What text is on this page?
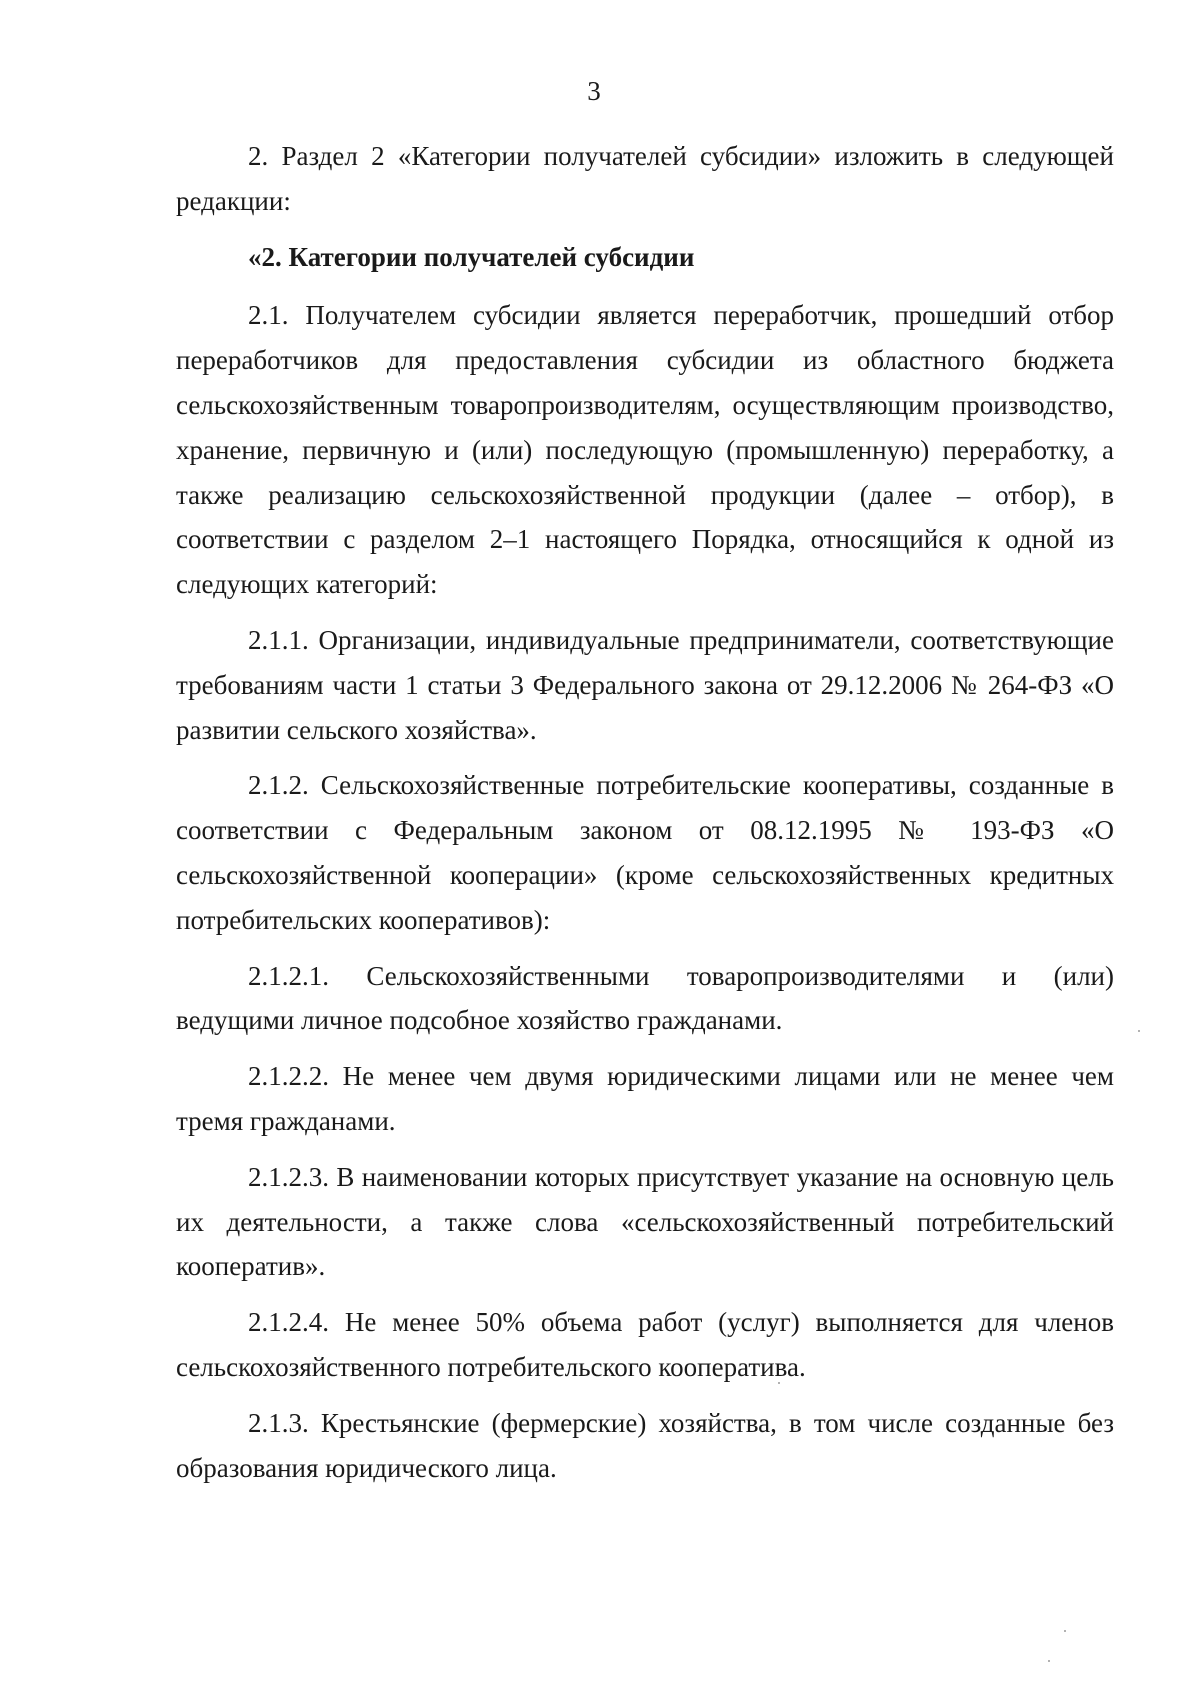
3

2. Раздел 2 «Категории получателей субсидии» изложить в следующей редакции:

«2. Категории получателей субсидии

2.1. Получателем субсидии является переработчик, прошедший отбор переработчиков для предоставления субсидии из областного бюджета сельскохозяйственным товаропроизводителям, осуществляющим производство, хранение, первичную и (или) последующую (промышленную) переработку, а также реализацию сельскохозяйственной продукции (далее – отбор), в соответствии с разделом 2–1 настоящего Порядка, относящийся к одной из следующих категорий:

2.1.1. Организации, индивидуальные предприниматели, соответствующие требованиям части 1 статьи 3 Федерального закона от 29.12.2006 № 264-ФЗ «О развитии сельского хозяйства».

2.1.2. Сельскохозяйственные потребительские кооперативы, созданные в соответствии с Федеральным законом от 08.12.1995 № 193-ФЗ «О сельскохозяйственной кооперации» (кроме сельскохозяйственных кредитных потребительских кооперативов):

2.1.2.1. Сельскохозяйственными товаропроизводителями и (или) ведущими личное подсобное хозяйство гражданами.

2.1.2.2. Не менее чем двумя юридическими лицами или не менее чем тремя гражданами.

2.1.2.3. В наименовании которых присутствует указание на основную цель их деятельности, а также слова «сельскохозяйственный потребительский кооператив».

2.1.2.4. Не менее 50% объема работ (услуг) выполняется для членов сельскохозяйственного потребительского кооператива.

2.1.3. Крестьянские (фермерские) хозяйства, в том числе созданные без образования юридического лица.
